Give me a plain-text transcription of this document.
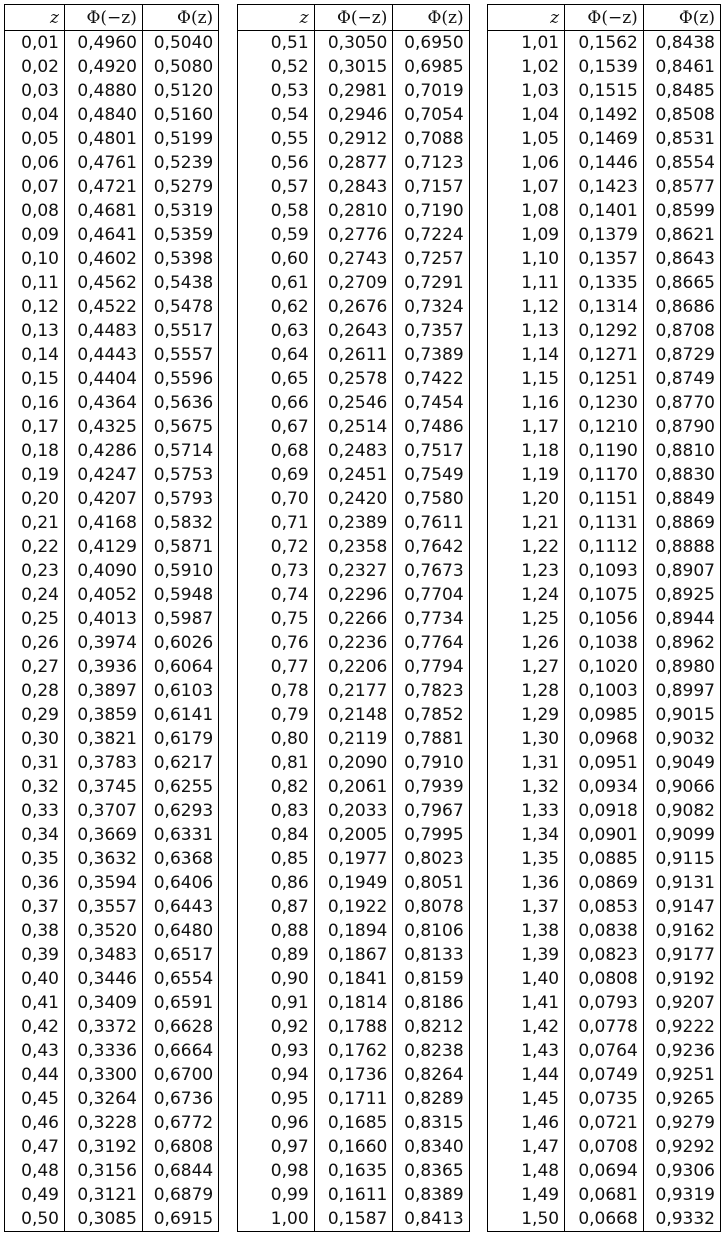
z	Φ(−z)	Φ(z)		z	Φ(−z)	Φ(z)		z	Φ(−z)	Φ(z)
0,01	0,4960	0,5040		0,51	0,3050	0,6950		1,01	0,1562	0,8438
0,02	0,4920	0,5080		0,52	0,3015	0,6985		1,02	0,1539	0,8461
0,03	0,4880	0,5120		0,53	0,2981	0,7019		1,03	0,1515	0,8485
0,04	0,4840	0,5160		0,54	0,2946	0,7054		1,04	0,1492	0,8508
0,05	0,4801	0,5199		0,55	0,2912	0,7088		1,05	0,1469	0,8531
0,06	0,4761	0,5239		0,56	0,2877	0,7123		1,06	0,1446	0,8554
0,07	0,4721	0,5279		0,57	0,2843	0,7157		1,07	0,1423	0,8577
0,08	0,4681	0,5319		0,58	0,2810	0,7190		1,08	0,1401	0,8599
0,09	0,4641	0,5359		0,59	0,2776	0,7224		1,09	0,1379	0,8621
0,10	0,4602	0,5398		0,60	0,2743	0,7257		1,10	0,1357	0,8643
0,11	0,4562	0,5438		0,61	0,2709	0,7291		1,11	0,1335	0,8665
0,12	0,4522	0,5478		0,62	0,2676	0,7324		1,12	0,1314	0,8686
0,13	0,4483	0,5517		0,63	0,2643	0,7357		1,13	0,1292	0,8708
0,14	0,4443	0,5557		0,64	0,2611	0,7389		1,14	0,1271	0,8729
0,15	0,4404	0,5596		0,65	0,2578	0,7422		1,15	0,1251	0,8749
0,16	0,4364	0,5636		0,66	0,2546	0,7454		1,16	0,1230	0,8770
0,17	0,4325	0,5675		0,67	0,2514	0,7486		1,17	0,1210	0,8790
0,18	0,4286	0,5714		0,68	0,2483	0,7517		1,18	0,1190	0,8810
0,19	0,4247	0,5753		0,69	0,2451	0,7549		1,19	0,1170	0,8830
0,20	0,4207	0,5793		0,70	0,2420	0,7580		1,20	0,1151	0,8849
0,21	0,4168	0,5832		0,71	0,2389	0,7611		1,21	0,1131	0,8869
0,22	0,4129	0,5871		0,72	0,2358	0,7642		1,22	0,1112	0,8888
0,23	0,4090	0,5910		0,73	0,2327	0,7673		1,23	0,1093	0,8907
0,24	0,4052	0,5948		0,74	0,2296	0,7704		1,24	0,1075	0,8925
0,25	0,4013	0,5987		0,75	0,2266	0,7734		1,25	0,1056	0,8944
0,26	0,3974	0,6026		0,76	0,2236	0,7764		1,26	0,1038	0,8962
0,27	0,3936	0,6064		0,77	0,2206	0,7794		1,27	0,1020	0,8980
0,28	0,3897	0,6103		0,78	0,2177	0,7823		1,28	0,1003	0,8997
0,29	0,3859	0,6141		0,79	0,2148	0,7852		1,29	0,0985	0,9015
0,30	0,3821	0,6179		0,80	0,2119	0,7881		1,30	0,0968	0,9032
0,31	0,3783	0,6217		0,81	0,2090	0,7910		1,31	0,0951	0,9049
0,32	0,3745	0,6255		0,82	0,2061	0,7939		1,32	0,0934	0,9066
0,33	0,3707	0,6293		0,83	0,2033	0,7967		1,33	0,0918	0,9082
0,34	0,3669	0,6331		0,84	0,2005	0,7995		1,34	0,0901	0,9099
0,35	0,3632	0,6368		0,85	0,1977	0,8023		1,35	0,0885	0,9115
0,36	0,3594	0,6406		0,86	0,1949	0,8051		1,36	0,0869	0,9131
0,37	0,3557	0,6443		0,87	0,1922	0,8078		1,37	0,0853	0,9147
0,38	0,3520	0,6480		0,88	0,1894	0,8106		1,38	0,0838	0,9162
0,39	0,3483	0,6517		0,89	0,1867	0,8133		1,39	0,0823	0,9177
0,40	0,3446	0,6554		0,90	0,1841	0,8159		1,40	0,0808	0,9192
0,41	0,3409	0,6591		0,91	0,1814	0,8186		1,41	0,0793	0,9207
0,42	0,3372	0,6628		0,92	0,1788	0,8212		1,42	0,0778	0,9222
0,43	0,3336	0,6664		0,93	0,1762	0,8238		1,43	0,0764	0,9236
0,44	0,3300	0,6700		0,94	0,1736	0,8264		1,44	0,0749	0,9251
0,45	0,3264	0,6736		0,95	0,1711	0,8289		1,45	0,0735	0,9265
0,46	0,3228	0,6772		0,96	0,1685	0,8315		1,46	0,0721	0,9279
0,47	0,3192	0,6808		0,97	0,1660	0,8340		1,47	0,0708	0,9292
0,48	0,3156	0,6844		0,98	0,1635	0,8365		1,48	0,0694	0,9306
0,49	0,3121	0,6879		0,99	0,1611	0,8389		1,49	0,0681	0,9319
0,50	0,3085	0,6915		1,00	0,1587	0,8413		1,50	0,0668	0,9332
